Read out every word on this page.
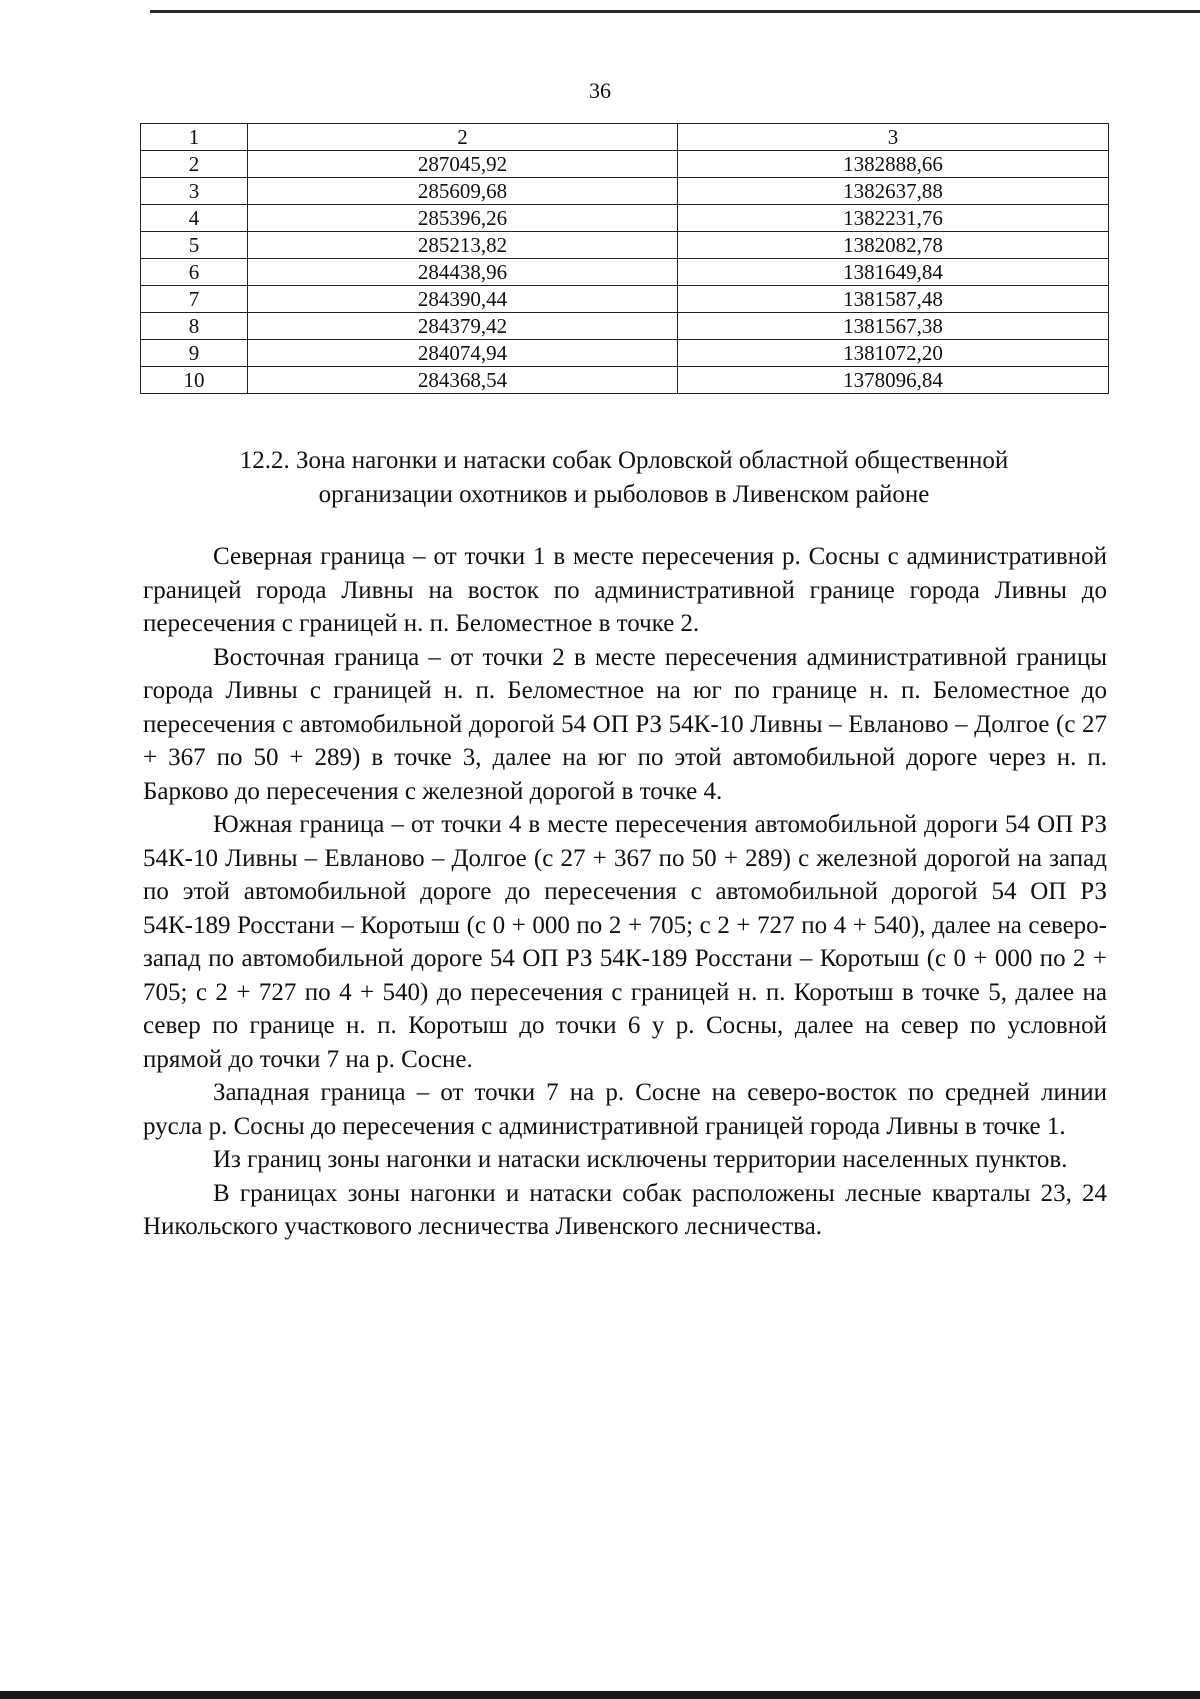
36
1	2	3
2	287045,92	1382888,66
3	285609,68	1382637,88
4	285396,26	1382231,76
5	285213,82	1382082,78
6	284438,96	1381649,84
7	284390,44	1381587,48
8	284379,42	1381567,38
9	284074,94	1381072,20
10	284368,54	1378096,84
12.2. Зона нагонки и натаски собак Орловской областной общественной
организации охотников и рыболовов в Ливенском районе

Северная граница – от точки 1 в месте пересечения р. Сосны с административной границей города Ливны на восток по административной границе города Ливны до пересечения с границей н. п. Беломестное в точке 2.

Восточная граница – от точки 2 в месте пересечения административной границы города Ливны с границей н. п. Беломестное на юг по границе н. п. Беломестное до пересечения с автомобильной дорогой 54 ОП РЗ 54К-10 Ливны – Евланово – Долгое (с 27 + 367 по 50 + 289) в точке 3, далее на юг по этой автомобильной дороге через н. п. Барково до пересечения с железной дорогой в точке 4.

Южная граница – от точки 4 в месте пересечения автомобильной дороги 54 ОП РЗ 54К-10 Ливны – Евланово – Долгое (с 27 + 367 по 50 + 289) с железной дорогой на запад по этой автомобильной дороге до пересечения с автомобильной дорогой 54 ОП РЗ 54К-189 Росстани – Коротыш (с 0 + 000 по 2 + 705; с 2 + 727 по 4 + 540), далее на северо-запад по автомобильной дороге 54 ОП РЗ 54К-189 Росстани – Коротыш (с 0 + 000 по 2 + 705; с 2 + 727 по 4 + 540) до пересечения с границей н. п. Коротыш в точке 5, далее на север по границе н. п. Коротыш до точки 6 у р. Сосны, далее на север по условной прямой до точки 7 на р. Сосне.

Западная граница – от точки 7 на р. Сосне на северо-восток по средней линии русла р. Сосны до пересечения с административной границей города Ливны в точке 1.

Из границ зоны нагонки и натаски исключены территории населенных пунктов.

В границах зоны нагонки и натаски собак расположены лесные кварталы 23, 24 Никольского участкового лесничества Ливенского лесничества.
